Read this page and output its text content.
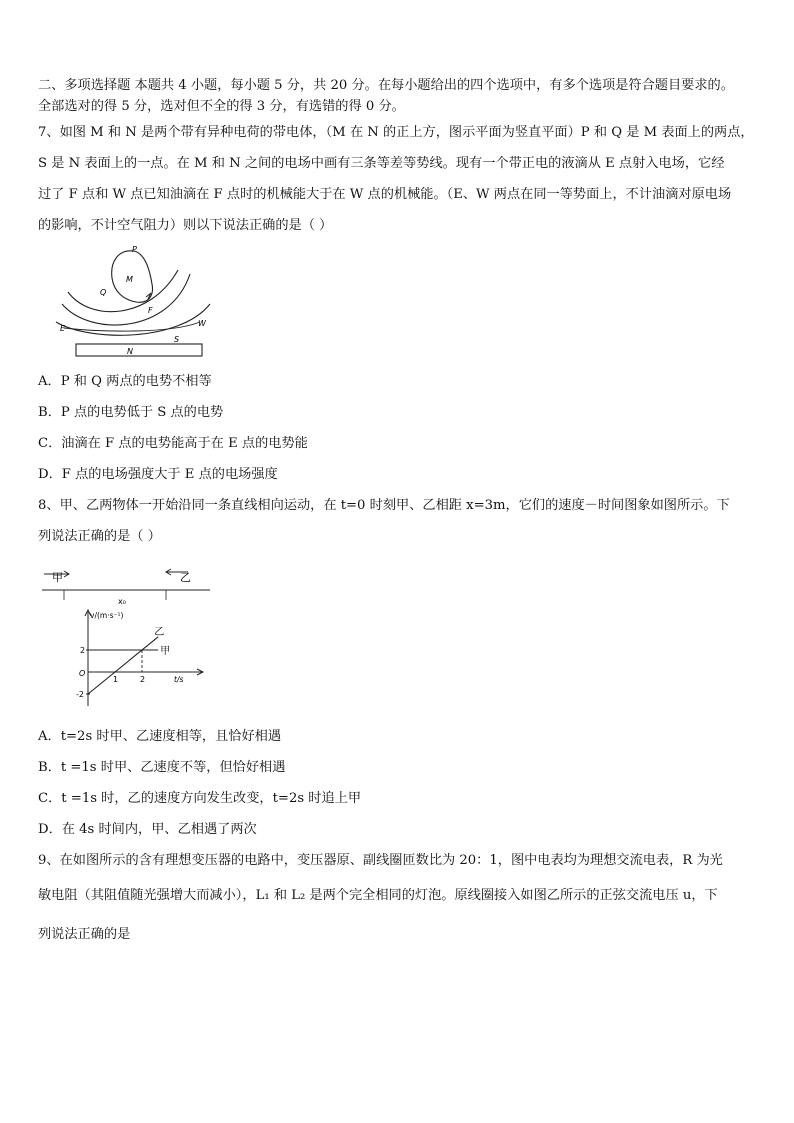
二、多项选择题 本题共 4 小题，每小题 5 分，共 20 分。在每小题给出的四个选项中，有多个选项是符合题目要求的。
全部选对的得 5 分，选对但不全的得 3 分，有选错的得 0 分。
7、如图 M 和 N 是两个带有异种电荷的带电体，（M 在 N 的正上方，图示平面为竖直平面）P 和 Q 是 M 表面上的两点，
S 是 N 表面上的一点。在 M 和 N 之间的电场中画有三条等差等势线。现有一个带正电的液滴从 E 点射入电场，它经
过了 F 点和 W 点已知油滴在 F 点时的机械能大于在 W 点的机械能。（E、W 两点在同一等势面上，不计油滴对原电场
的影响，不计空气阻力）则以下说法正确的是（ ）
P
M
Q
F
E
W
S
N
A．P 和 Q 两点的电势不相等
B．P 点的电势低于 S 点的电势
C．油滴在 F 点的电势能高于在 E 点的电势能
D．F 点的电场强度大于 E 点的电场强度
8、甲、乙两物体一开始沿同一条直线相向运动，在 t=0 时刻甲、乙相距 x=3m，它们的速度－时间图象如图所示。下
列说法正确的是（ ）
甲	乙
x₀
v/(m·s⁻¹)
t/s
O
2
-2
1	2
甲
乙
A．t=2s 时甲、乙速度相等，且恰好相遇
B．t =1s 时甲、乙速度不等，但恰好相遇
C．t =1s 时，乙的速度方向发生改变，t=2s 时追上甲
D．在 4s 时间内，甲、乙相遇了两次
9、在如图所示的含有理想变压器的电路中，变压器原、副线圈匝数比为 20：1，图中电表均为理想交流电表，R 为光
敏电阻（其阻值随光强增大而减小），L₁ 和 L₂ 是两个完全相同的灯泡。原线圈接入如图乙所示的正弦交流电压 u，下
列说法正确的是
